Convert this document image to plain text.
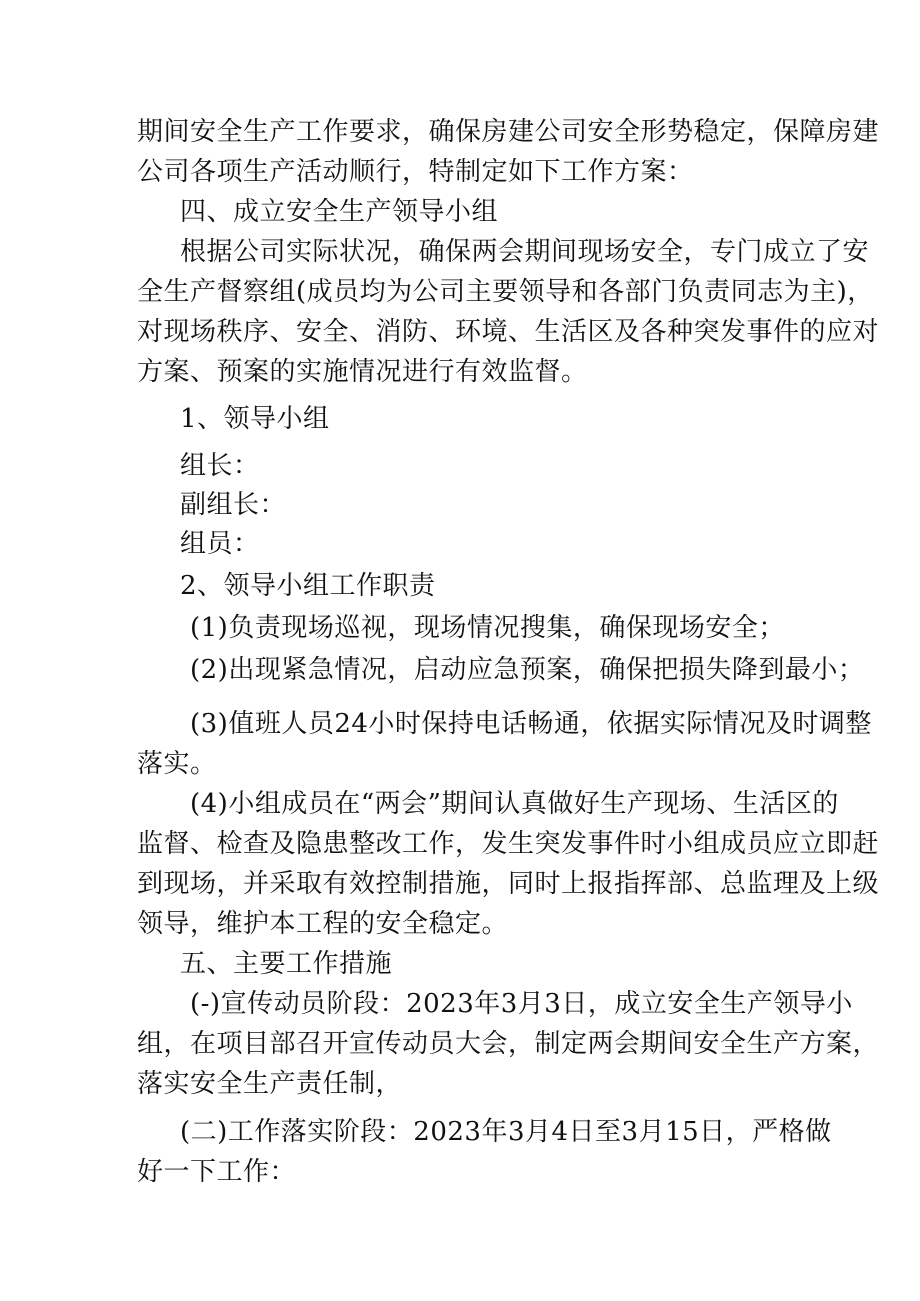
期间安全生产工作要求，确保房建公司安全形势稳定，保障房建
公司各项生产活动顺行，特制定如下工作方案：
四、成立安全生产领导小组
根据公司实际状况，确保两会期间现场安全，专门成立了安
全生产督察组(成员均为公司主要领导和各部门负责同志为主)，
对现场秩序、安全、消防、环境、生活区及各种突发事件的应对
方案、预案的实施情况进行有效监督。
1、领导小组
组长：
副组长：
组员：
2、领导小组工作职责
(1)负责现场巡视，现场情况搜集，确保现场安全；
(2)出现紧急情况，启动应急预案，确保把损失降到最小；
(3)值班人员24小时保持电话畅通，依据实际情况及时调整
落实。
(4)小组成员在“两会”期间认真做好生产现场、生活区的
监督、检查及隐患整改工作，发生突发事件时小组成员应立即赶
到现场，并采取有效控制措施，同时上报指挥部、总监理及上级
领导，维护本工程的安全稳定。
五、主要工作措施
(-)宣传动员阶段：2023年3月3日，成立安全生产领导小
组，在项目部召开宣传动员大会，制定两会期间安全生产方案，
落实安全生产责任制，
(二)工作落实阶段：2023年3月4日至3月15日，严格做
好一下工作：
